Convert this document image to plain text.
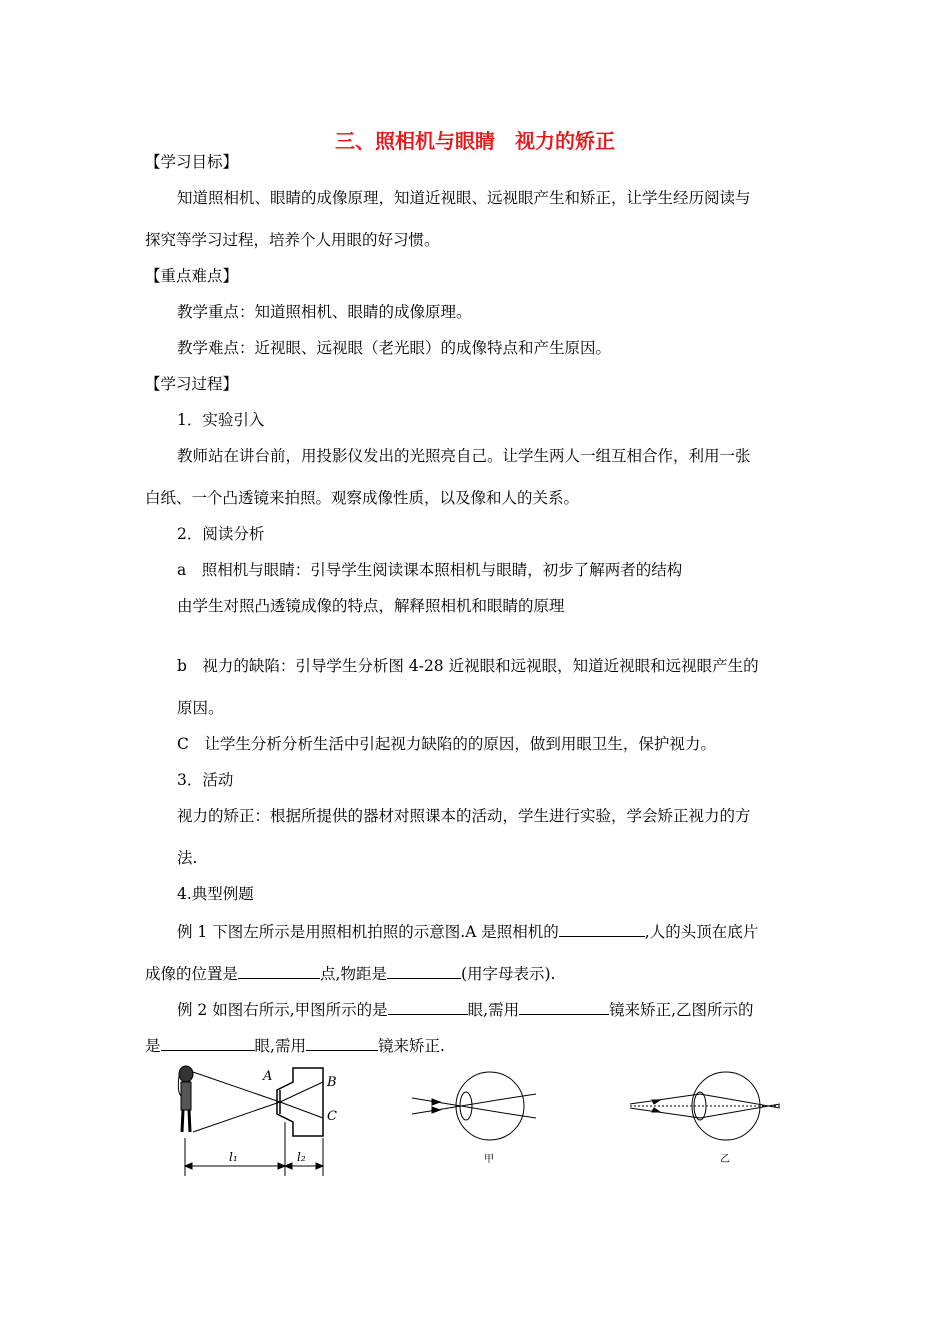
三、照相机与眼睛　视力的矫正
【学习目标】
知道照相机、眼睛的成像原理，知道近视眼、远视眼产生和矫正，让学生经历阅读与
探究等学习过程，培养个人用眼的好习惯。
【重点难点】
教学重点：知道照相机、眼睛的成像原理。
教学难点：近视眼、远视眼（老光眼）的成像特点和产生原因。
【学习过程】
1．实验引入
教师站在讲台前，用投影仪发出的光照亮自己。让学生两人一组互相合作，利用一张
白纸、一个凸透镜来拍照。观察成像性质，以及像和人的关系。
2．阅读分析
a　照相机与眼睛：引导学生阅读课本照相机与眼睛，初步了解两者的结构
由学生对照凸透镜成像的特点，解释照相机和眼睛的原理
b　视力的缺陷：引导学生分析图 4-28 近视眼和远视眼，知道近视眼和远视眼产生的
原因。
C　让学生分析分析生活中引起视力缺陷的的原因，做到用眼卫生，保护视力。
3．活动
视力的矫正：根据所提供的器材对照课本的活动，学生进行实验，学会矫正视力的方
法.
4.典型例题
例 1 下图左所示是用照相机拍照的示意图.A 是照相机的	,人的头顶在底片
成像的位置是	点,物距是	(用字母表示).
例 2 如图右所示,甲图所示的是	眼,需用	镜来矫正,乙图所示的
是	眼,需用	镜来矫正.
A	B
C
l₁	l₂	甲	乙
